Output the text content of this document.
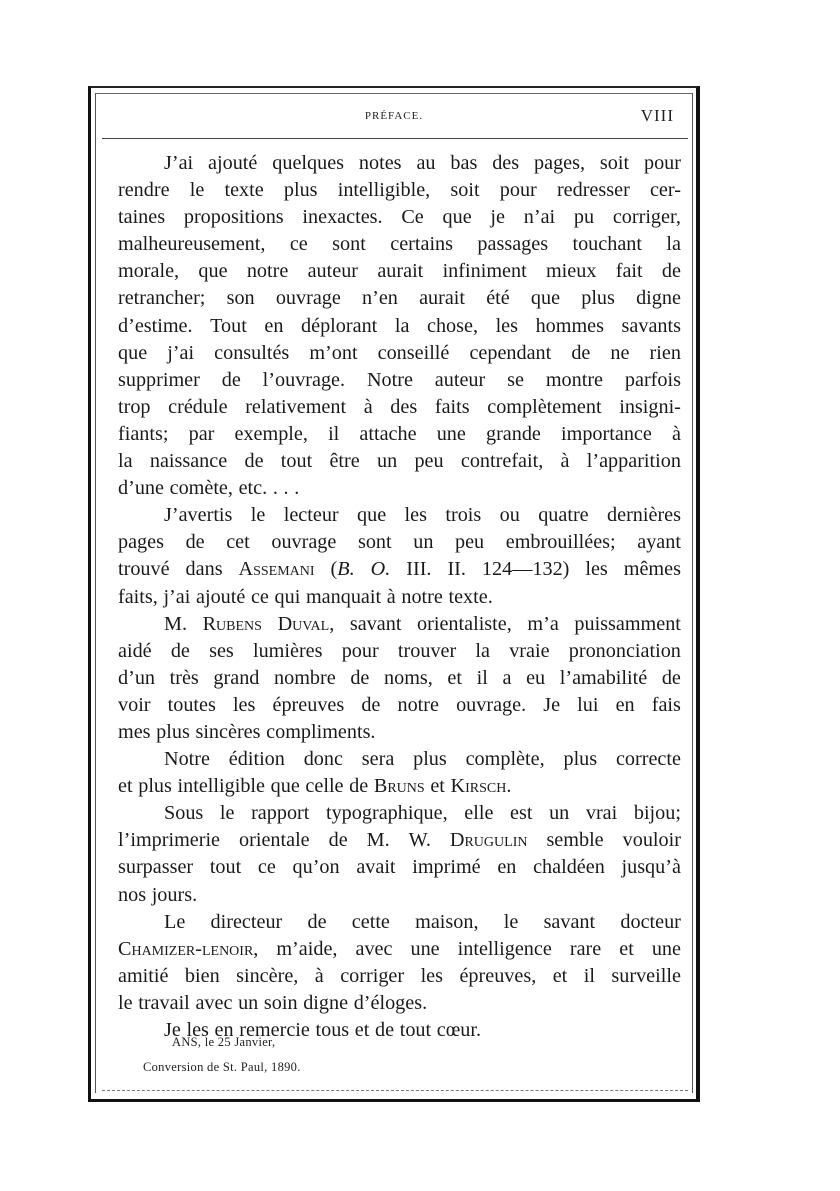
PRÉFACE.	VIII
J’ai ajouté quelques notes au bas des pages, soit pour
rendre le texte plus intelligible, soit pour redresser cer-
taines propositions inexactes. Ce que je n’ai pu corriger,
malheureusement, ce sont certains passages touchant la
morale, que notre auteur aurait infiniment mieux fait de
retrancher; son ouvrage n’en aurait été que plus digne
d’estime. Tout en déplorant la chose, les hommes savants
que j’ai consultés m’ont conseillé cependant de ne rien
supprimer de l’ouvrage. Notre auteur se montre parfois
trop crédule relativement à des faits complètement insigni-
fiants; par exemple, il attache une grande importance à
la naissance de tout être un peu contrefait, à l’apparition
d’une comète, etc. . . .
J’avertis le lecteur que les trois ou quatre dernières
pages de cet ouvrage sont un peu embrouillées; ayant
trouvé dans Assemani (B. O. III. II. 124—132) les mêmes
faits, j’ai ajouté ce qui manquait à notre texte.
M. Rubens Duval, savant orientaliste, m’a puissamment
aidé de ses lumières pour trouver la vraie prononciation
d’un très grand nombre de noms, et il a eu l’amabilité de
voir toutes les épreuves de notre ouvrage. Je lui en fais
mes plus sincères compliments.
Notre édition donc sera plus complète, plus correcte
et plus intelligible que celle de Bruns et Kirsch.
Sous le rapport typographique, elle est un vrai bijou;
l’imprimerie orientale de M. W. Drugulin semble vouloir
surpasser tout ce qu’on avait imprimé en chaldéen jusqu’à
nos jours.
Le directeur de cette maison, le savant docteur
Chamizer-lenoir, m’aide, avec une intelligence rare et une
amitié bien sincère, à corriger les épreuves, et il surveille
le travail avec un soin digne d’éloges.
Je les en remercie tous et de tout cœur.
ANS, le 25 Janvier,
Conversion de St. Paul, 1890.
